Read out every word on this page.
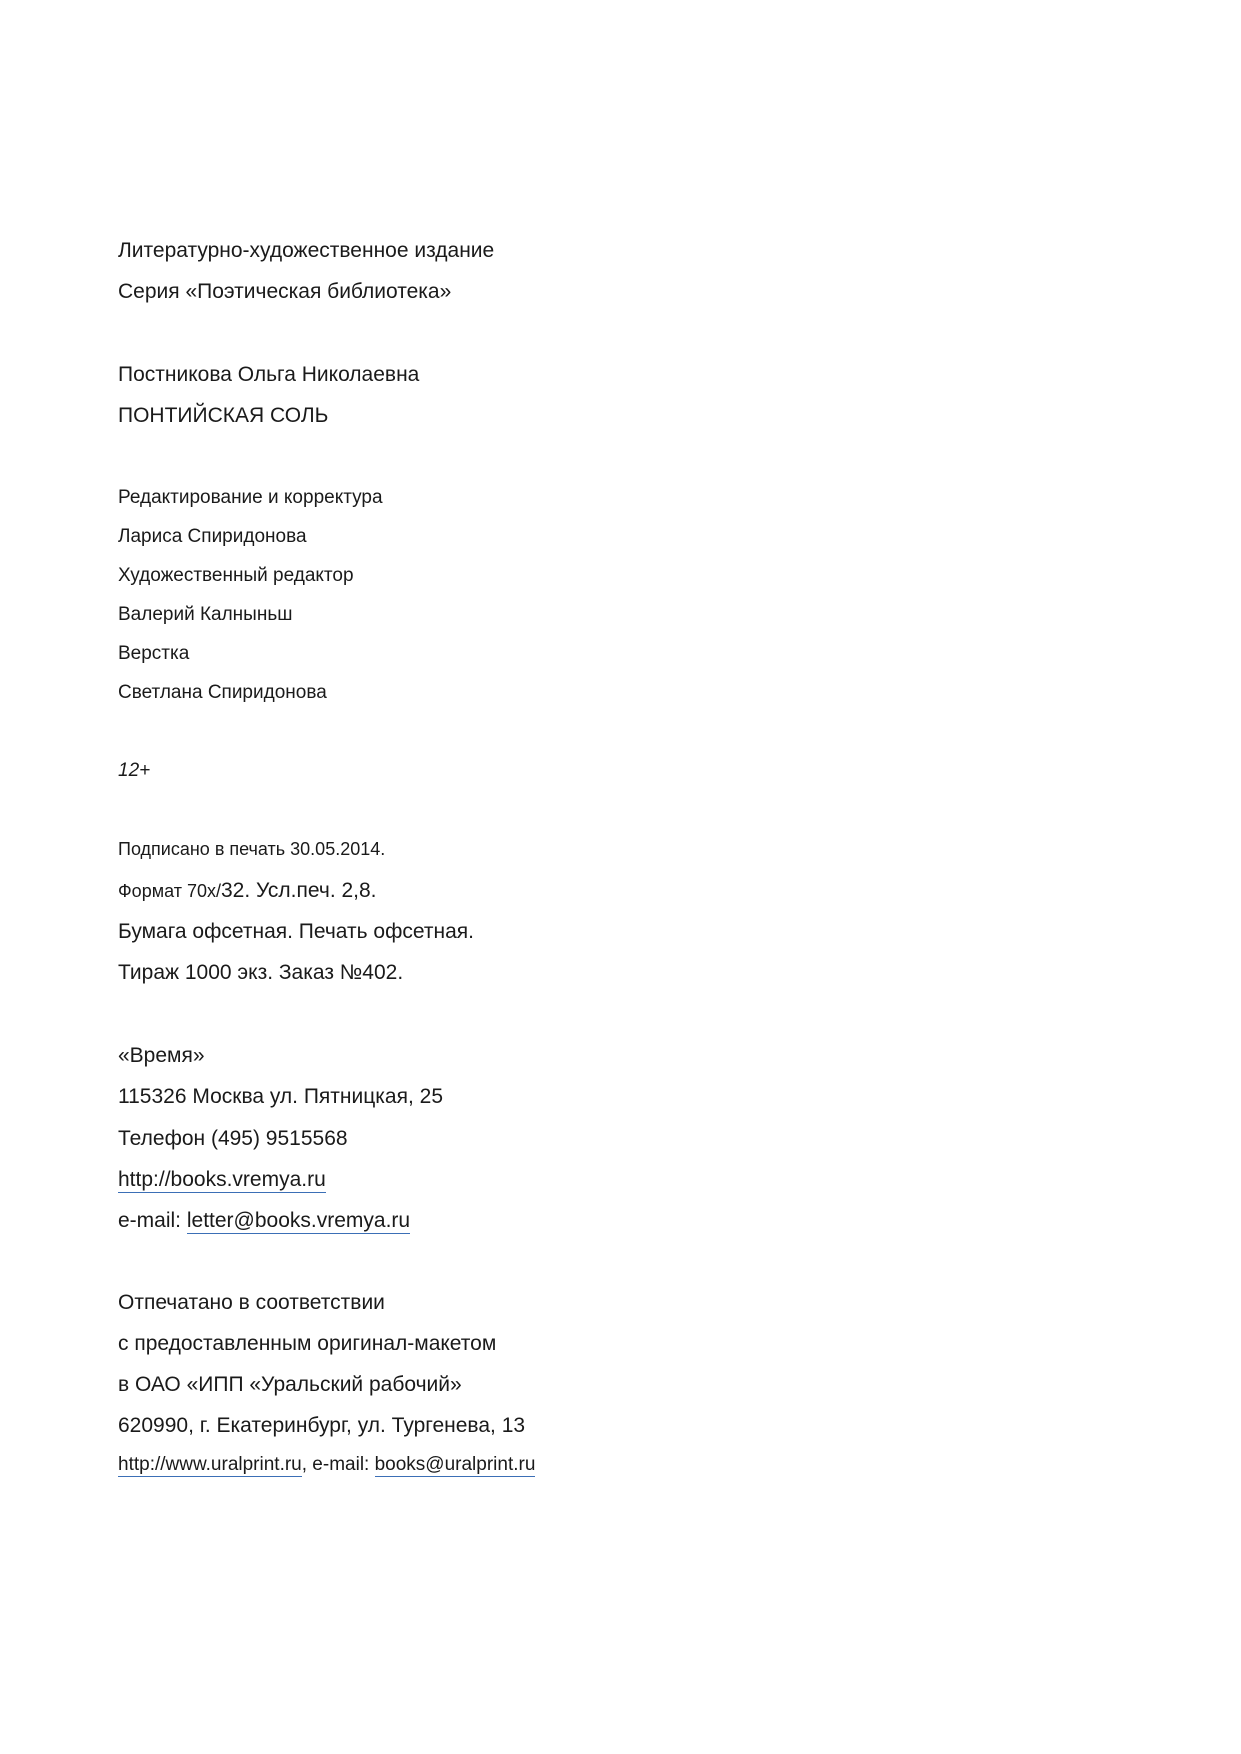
Литературно-художественное издание
Серия «Поэтическая библиотека»
Постникова Ольга Николаевна
ПОНТИЙСКАЯ СОЛЬ
Редактирование и корректура
Лариса Спиридонова
Художественный редактор
Валерий Калныньш
Верстка
Светлана Спиридонова
12+
Подписано в печать 30.05.2014.
Формат 70х/32. Усл.печ. 2,8.
Бумага офсетная. Печать офсетная.
Тираж 1000 экз. Заказ №402.
«Время»
115326 Москва ул. Пятницкая, 25
Телефон (495) 9515568
http://books.vremya.ru
e-mail: letter@books.vremya.ru
Отпечатано в соответствии
с предоставленным оригинал-макетом
в ОАО «ИПП «Уральский рабочий»
620990, г. Екатеринбург, ул. Тургенева, 13
http://www.uralprint.ru, e-mail: books@uralprint.ru
